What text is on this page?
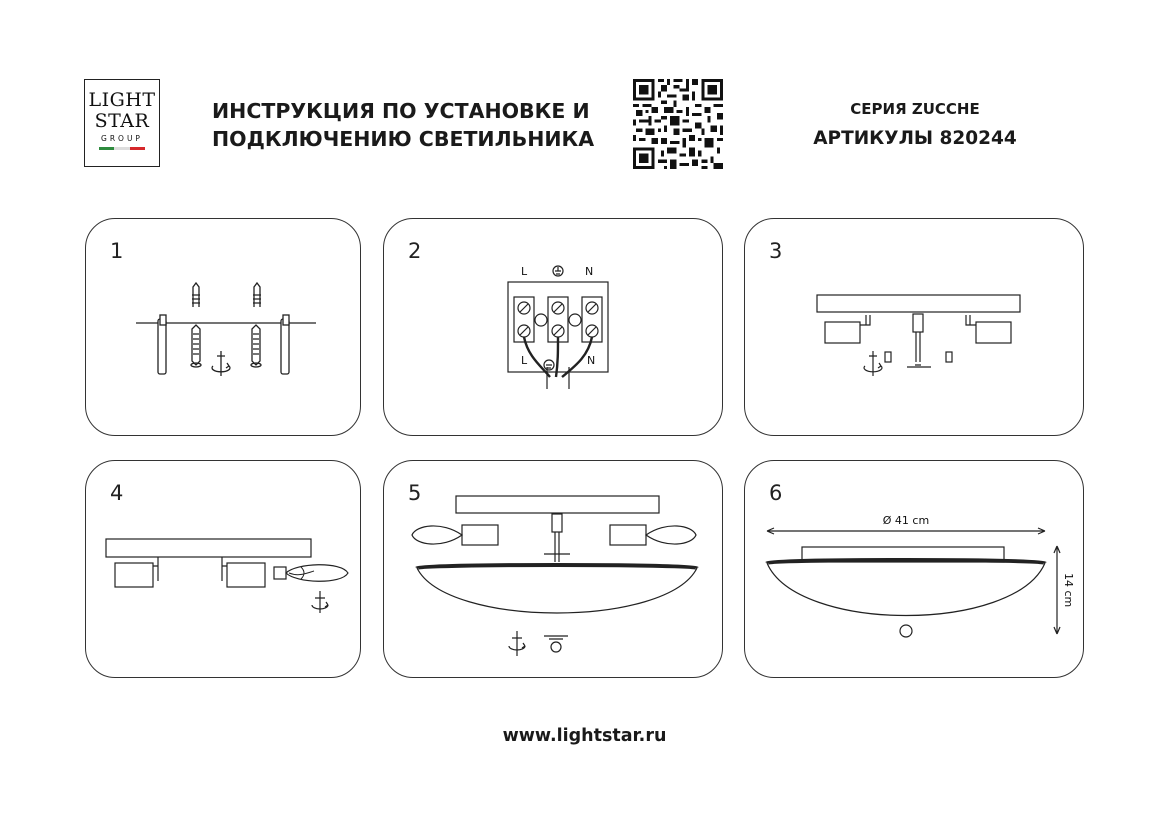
LIGHT
STAR
GROUP
ИНСТРУКЦИЯ ПО УСТАНОВКЕ И
ПОДКЛЮЧЕНИЮ СВЕТИЛЬНИКА
СЕРИЯ ZUCCHE
АРТИКУЛЫ 820244
1	2
L	N
L	N
3
4	5	6
Ø 41 cm
14 cm
www.lightstar.ru
